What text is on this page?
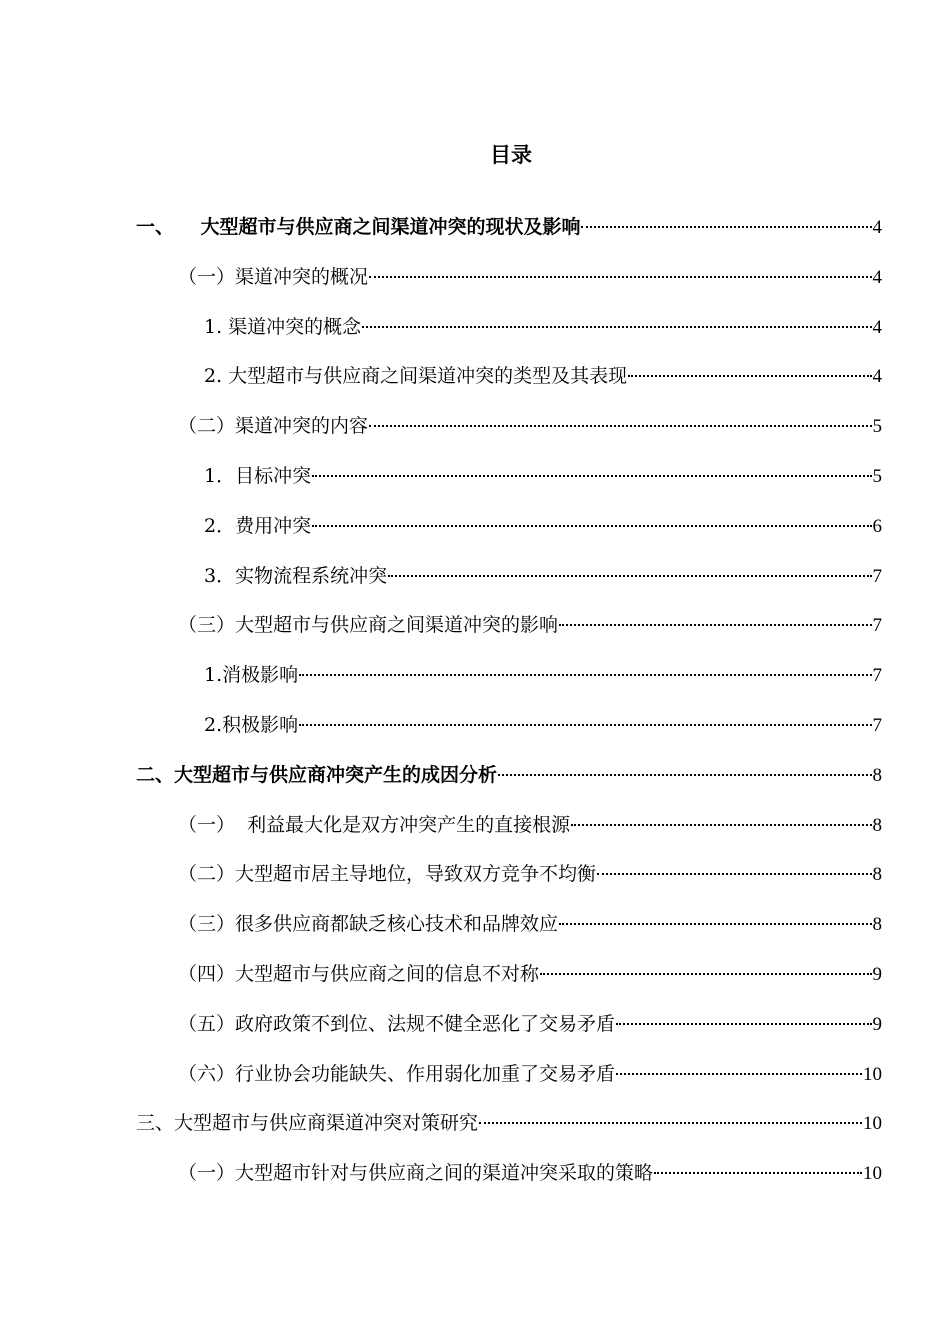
目录
一、    大型超市与供应商之间渠道冲突的现状及影响	4
（一）渠道冲突的概况	4
1. 渠道冲突的概念	4
2. 大型超市与供应商之间渠道冲突的类型及其表现	4
（二）渠道冲突的内容	5
1．目标冲突	5
2．费用冲突	6
3．实物流程系统冲突	7
（三）大型超市与供应商之间渠道冲突的影响	7
1.消极影响	7
2.积极影响	7
二、大型超市与供应商冲突产生的成因分析	8
（一）  利益最大化是双方冲突产生的直接根源	8
（二）大型超市居主导地位，导致双方竞争不均衡	8
（三）很多供应商都缺乏核心技术和品牌效应	8
（四）大型超市与供应商之间的信息不对称	9
（五）政府政策不到位、法规不健全恶化了交易矛盾	9
（六）行业协会功能缺失、作用弱化加重了交易矛盾	10
三、大型超市与供应商渠道冲突对策研究	10
（一）大型超市针对与供应商之间的渠道冲突采取的策略	10
